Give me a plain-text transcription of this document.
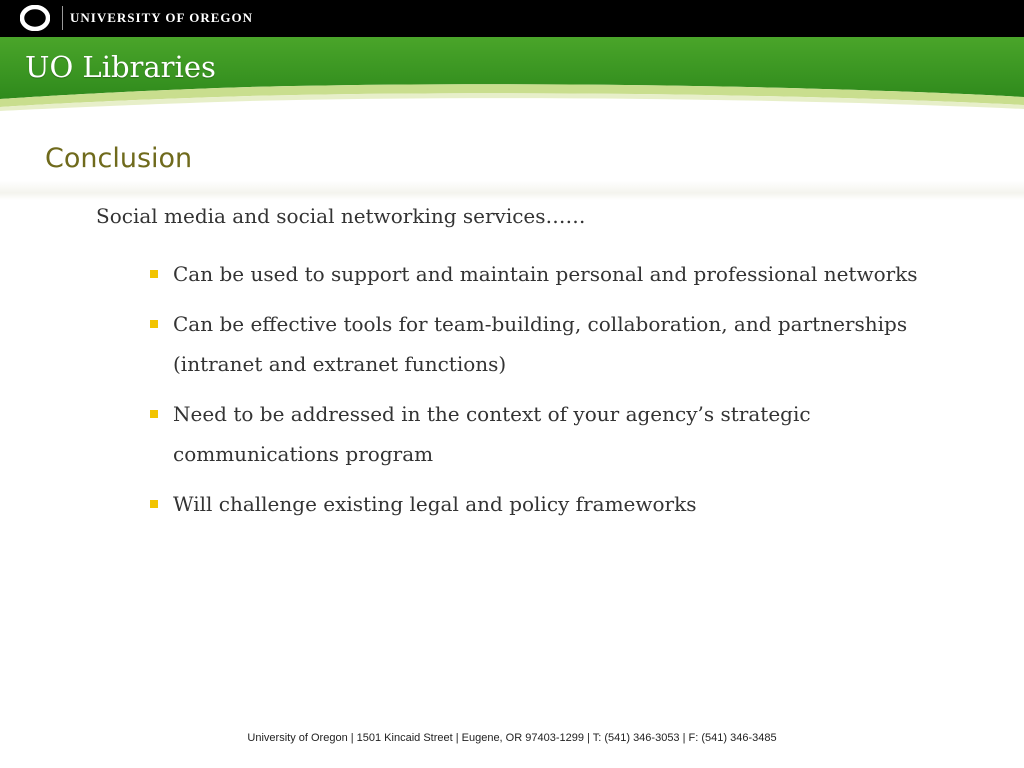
UNIVERSITY OF OREGON
UO Libraries
Conclusion
Social media and social networking services……
Can be used to support and maintain personal and professional networks
Can be effective tools for team-building, collaboration, and partnerships (intranet and extranet functions)
Need to be addressed in the context of your agency’s strategic communications program
Will challenge existing legal and policy frameworks
University of Oregon | 1501 Kincaid Street | Eugene, OR 97403-1299 | T: (541) 346-3053 | F: (541) 346-3485
